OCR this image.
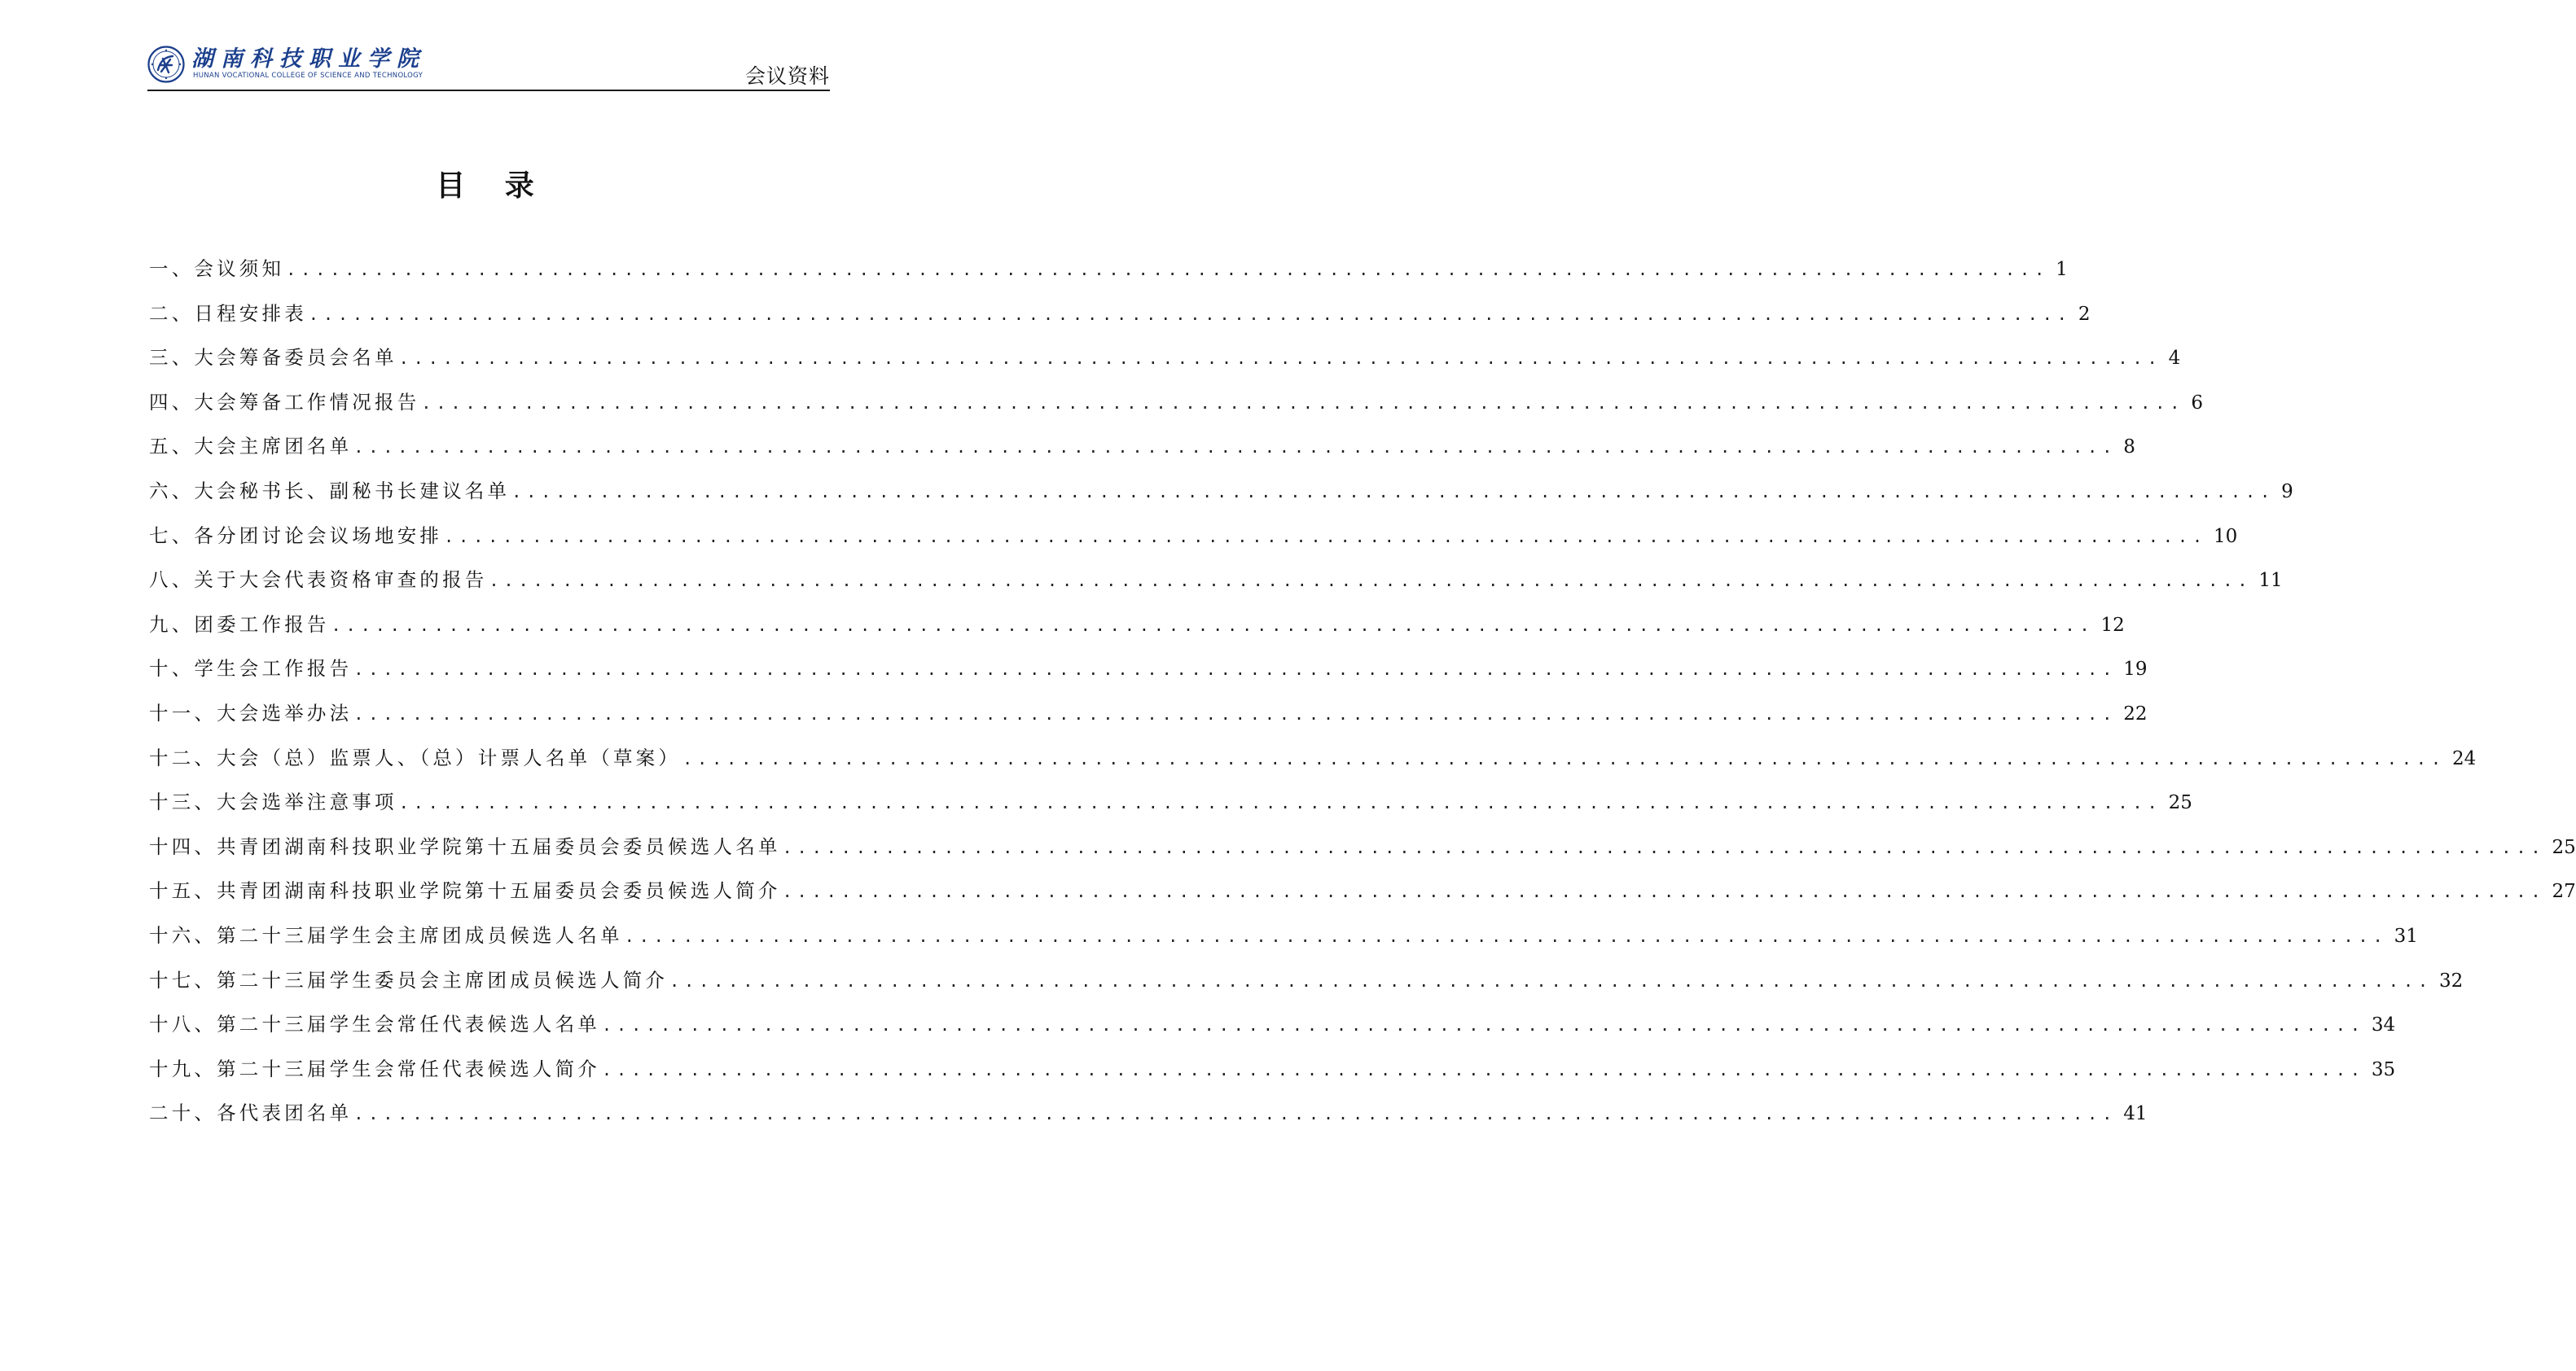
湖南科技职业学院
HUNAN VOCATIONAL COLLEGE OF SCIENCE AND TECHNOLOGY	会议资料
目 录
一、会议须知 ........................................................................................................................ 1
二、日程安排表 ........................................................................................................................ 2
三、大会筹备委员会名单 ........................................................................................................................ 4
四、大会筹备工作情况报告 ........................................................................................................................ 6
五、大会主席团名单 ........................................................................................................................ 8
六、大会秘书长、副秘书长建议名单 ........................................................................................................................ 9
七、各分团讨论会议场地安排 ........................................................................................................................ 10
八、关于大会代表资格审查的报告 ........................................................................................................................ 11
九、团委工作报告 ........................................................................................................................ 12
十、学生会工作报告 ........................................................................................................................ 19
十一、大会选举办法 ........................................................................................................................ 22
十二、大会（总）监票人、（总）计票人名单（草案） ........................................................................................................................ 24
十三、大会选举注意事项 ........................................................................................................................ 25
十四、共青团湖南科技职业学院第十五届委员会委员候选人名单 ........................................................................................................................ 25
十五、共青团湖南科技职业学院第十五届委员会委员候选人简介 ........................................................................................................................ 27
十六、第二十三届学生会主席团成员候选人名单 ........................................................................................................................ 31
十七、第二十三届学生委员会主席团成员候选人简介 ........................................................................................................................ 32
十八、第二十三届学生会常任代表候选人名单 ........................................................................................................................ 34
十九、第二十三届学生会常任代表候选人简介 ........................................................................................................................ 35
二十、各代表团名单 ........................................................................................................................ 41
